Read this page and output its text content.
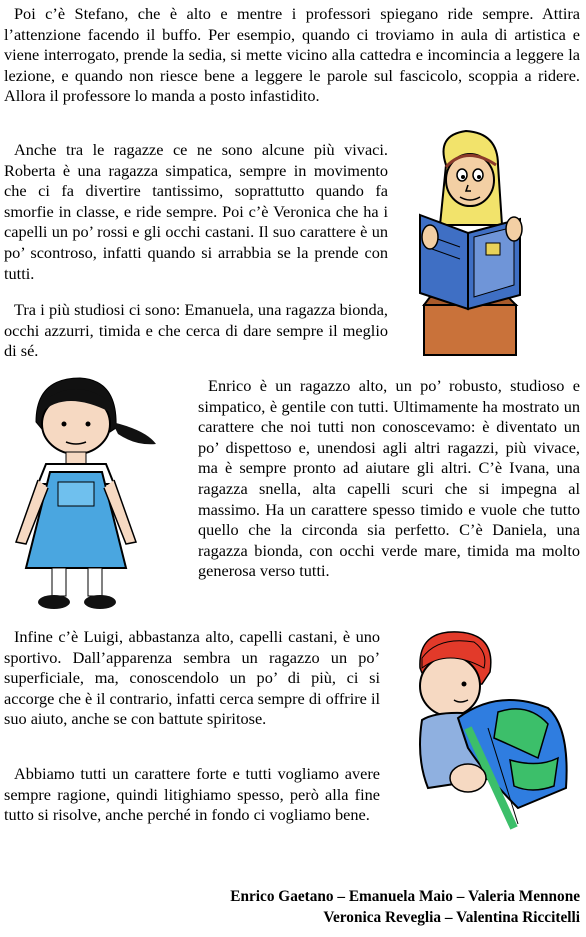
Poi c’è Stefano, che è alto e mentre i professori spiegano ride sempre. Attira l’attenzione facendo il buffo. Per esempio, quando ci troviamo in aula di artistica e viene interrogato, prende la sedia, si mette vicino alla cattedra e incomincia a leggere la lezione, e quando non riesce bene a leggere le parole sul fascicolo, scoppia a ridere. Allora il professore lo manda a posto infastidito.

Anche tra le ragazze ce ne sono alcune più vivaci. Roberta è una ragazza simpatica, sempre in movimento che ci fa divertire tantissimo, soprattutto quando fa smorfie in classe, e ride sempre. Poi c’è Veronica che ha i capelli un po’ rossi e gli occhi castani. Il suo carattere è un po’ scontroso, infatti quando si arrabbia se la prende con tutti.

Tra i più studiosi ci sono: Emanuela, una ragazza bionda, occhi azzurri, timida e che cerca di dare sempre il meglio di sé.

Enrico è un ragazzo alto, un po’ robusto, studioso e simpatico, è gentile con tutti. Ultimamente ha mostrato un carattere che noi tutti non conoscevamo: è diventato un po’ dispettoso e, unendosi agli altri ragazzi, più vivace, ma è sempre pronto ad aiutare gli altri. C’è Ivana, una ragazza snella, alta capelli scuri che si impegna al massimo. Ha un carattere spesso timido e vuole che tutto quello che la circonda sia perfetto. C’è Daniela, una ragazza bionda, con occhi verde mare, timida ma molto generosa verso tutti.

Infine c’è Luigi, abbastanza alto, capelli castani, è uno sportivo. Dall’apparenza sembra un ragazzo un po’ superficiale, ma, conoscendolo un po’ di più, ci si accorge che è il contrario, infatti cerca sempre di offrire il suo aiuto, anche se con battute spiritose.

Abbiamo tutti un carattere forte e tutti vogliamo avere sempre ragione, quindi litighiamo spesso, però alla fine tutto si risolve, anche perché in fondo ci vogliamo bene.

Enrico Gaetano – Emanuela Maio – Valeria Mennone
Veronica Reveglia – Valentina Riccitelli
